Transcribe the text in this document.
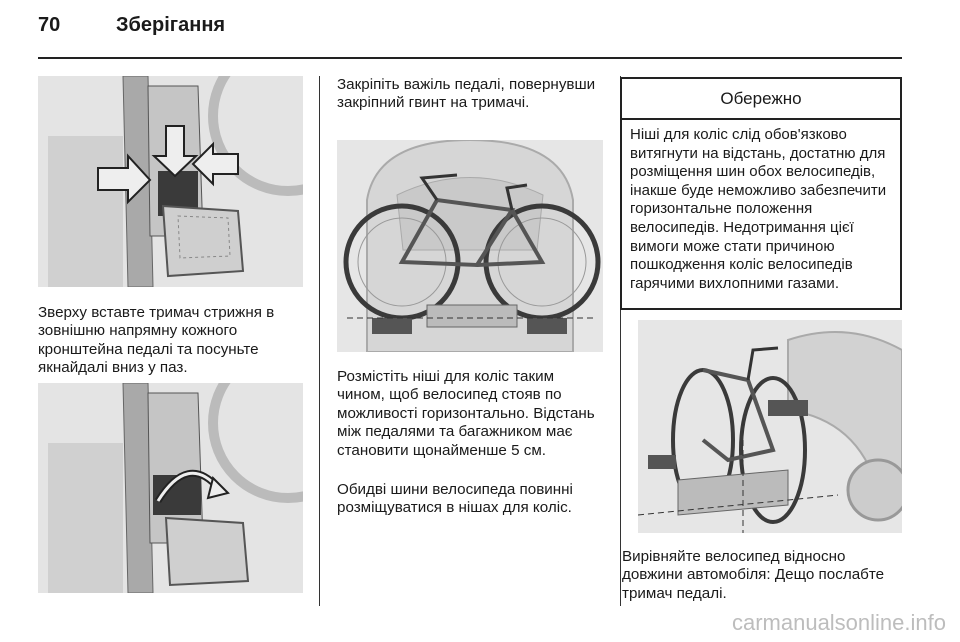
70	Зберігання

Зверху вставте тримач стрижня в зовнішню напрямну кожного кронштейна педалі та посуньте якнайдалі вниз у паз.

Закріпіть важіль педалі, повернувши закріпний гвинт на тримачі.

Розмістіть ніші для коліс таким чином, щоб велосипед стояв по можливості горизонтально. Відстань між педалями та багажником має становити щонайменше 5 см.

Обидві шини велосипеда повинні розміщуватися в нішах для коліс.

Обережно
Ніші для коліс слід обов'язково витягнути на відстань, достатню для розміщення шин обох велосипедів, інакше буде неможливо забезпечити горизонтальне положення велосипедів. Недотримання цієї вимоги може стати причиною пошкодження коліс велосипедів гарячими вихлопними газами.

Вирівняйте велосипед відносно довжини автомобіля: Дещо послабте тримач педалі.

carmanualsonline.info
